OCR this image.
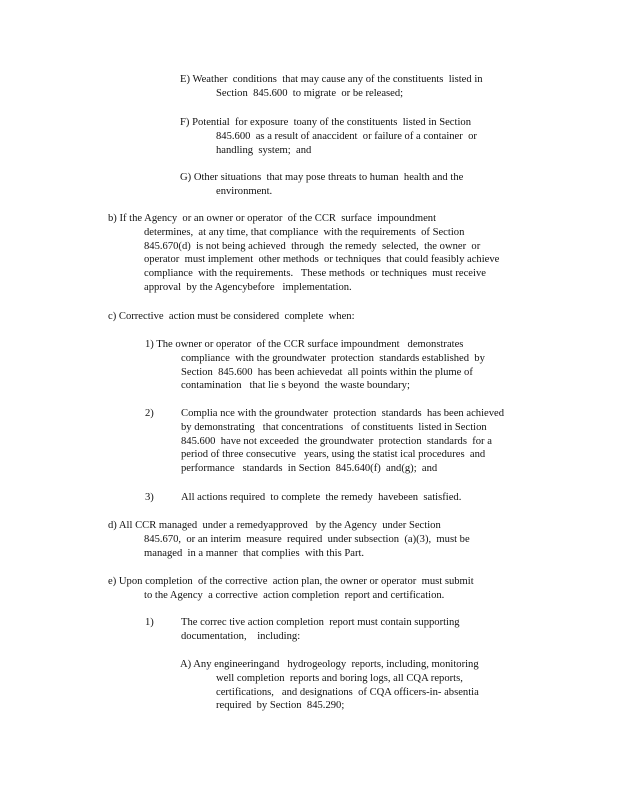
E) Weather  conditions  that may cause any of the constituents  listed in
Section  845.600  to migrate  or be released;
F) Potential  for exposure  toany of the constituents  listed in Section
845.600  as a result of anaccident  or failure of a container  or
handling  system;  and
G) Other situations  that may pose threats to human  health and the
environment.
b) If the Agency  or an owner or operator  of the CCR  surface  impoundment
determines,  at any time, that compliance  with the requirements  of Section
845.670(d)  is not being achieved  through  the remedy  selected,  the owner  or
operator  must implement  other methods  or techniques  that could feasibly achieve
compliance  with the requirements.   These methods  or techniques  must receive
approval  by the Agencybefore   implementation.
c) Corrective  action must be considered  complete  when:
1) The owner or operator  of the CCR surface impoundment   demonstrates
compliance  with the groundwater  protection  standards established  by
Section  845.600  has been achievedat  all points within the plume of
contamination   that lie s beyond  the waste boundary;
2)	Complia nce with the groundwater  protection  standards  has been achieved
by demonstrating   that concentrations   of constituents  listed in Section
845.600  have not exceeded  the groundwater  protection  standards  for a
period of three consecutive   years, using the statist ical procedures  and
performance   standards  in Section  845.640(f)  and(g);  and
3)	All actions required  to complete  the remedy  havebeen  satisfied.
d) All CCR managed  under a remedyapproved   by the Agency  under Section
845.670,  or an interim  measure  required  under subsection  (a)(3),  must be
managed  in a manner  that complies  with this Part.
e) Upon completion  of the corrective  action plan, the owner or operator  must submit
to the Agency  a corrective  action completion  report and certification.
1)	The correc tive action completion  report must contain supporting
documentation,    including:
A) Any engineeringand   hydrogeology  reports, including, monitoring
well completion  reports and boring logs, all CQA reports,
certifications,   and designations  of CQA officers-in- absentia
required  by Section  845.290;
